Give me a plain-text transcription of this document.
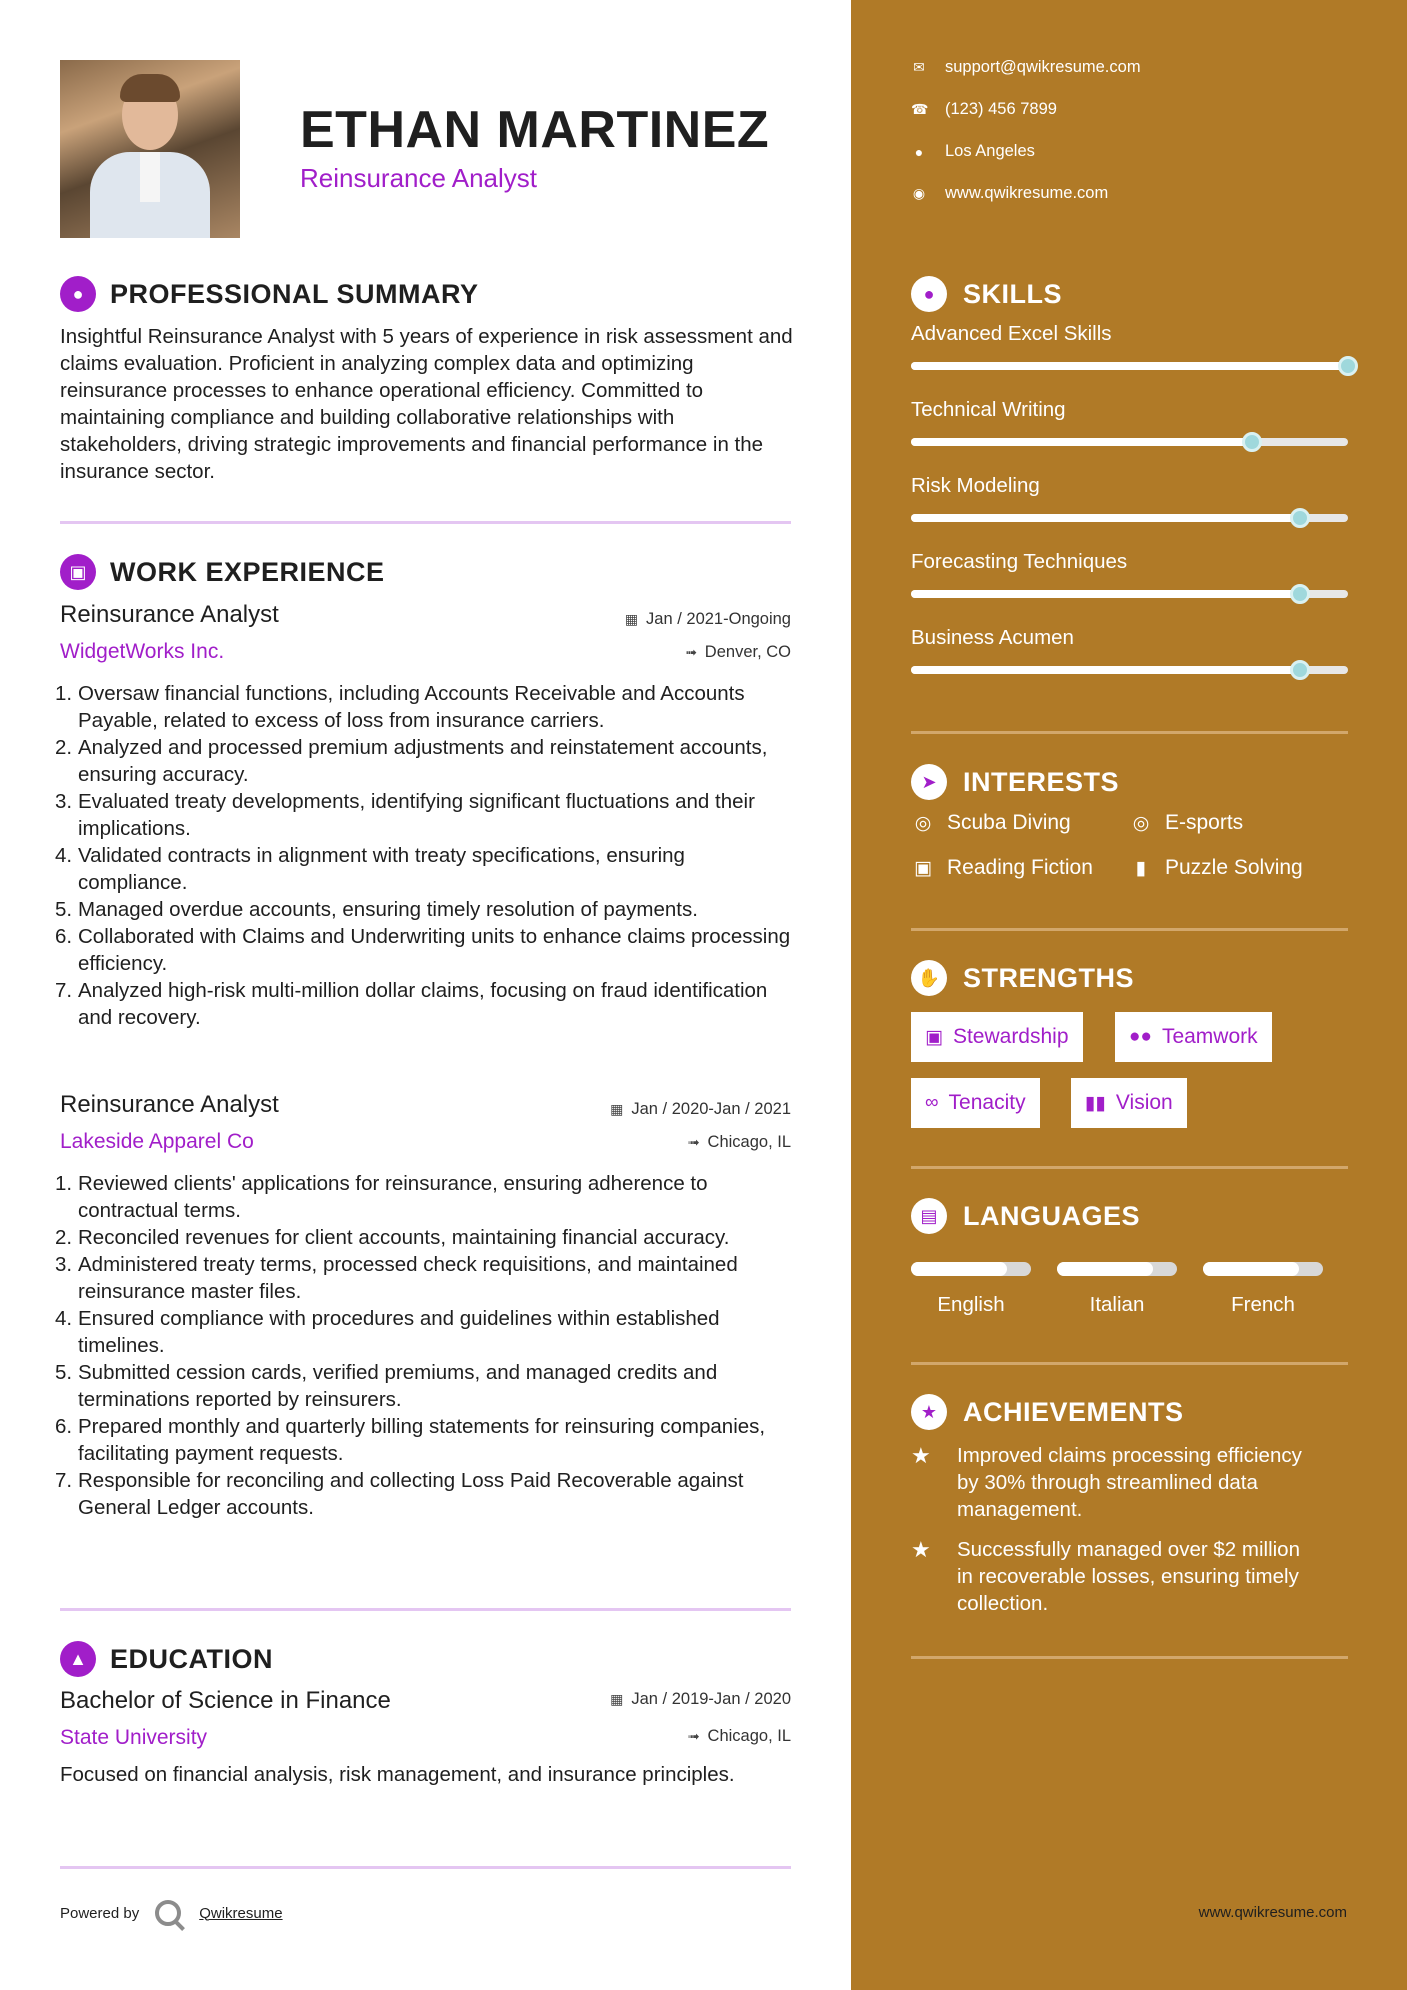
ETHAN MARTINEZ
Reinsurance Analyst
● PROFESSIONAL SUMMARY
Insightful Reinsurance Analyst with 5 years of experience in risk assessment and claims evaluation. Proficient in analyzing complex data and optimizing reinsurance processes to enhance operational efficiency. Committed to maintaining compliance and building collaborative relationships with stakeholders, driving strategic improvements and financial performance in the insurance sector.
▣ WORK EXPERIENCE
Reinsurance Analyst	▦ Jan / 2021-Ongoing
WidgetWorks Inc.	➟ Denver, CO
1. Oversaw financial functions, including Accounts Receivable and Accounts Payable, related to excess of loss from insurance carriers.
2. Analyzed and processed premium adjustments and reinstatement accounts, ensuring accuracy.
3. Evaluated treaty developments, identifying significant fluctuations and their implications.
4. Validated contracts in alignment with treaty specifications, ensuring compliance.
5. Managed overdue accounts, ensuring timely resolution of payments.
6. Collaborated with Claims and Underwriting units to enhance claims processing efficiency.
7. Analyzed high-risk multi-million dollar claims, focusing on fraud identification and recovery.
Reinsurance Analyst	▦ Jan / 2020-Jan / 2021
Lakeside Apparel Co	➟ Chicago, IL
1. Reviewed clients' applications for reinsurance, ensuring adherence to contractual terms.
2. Reconciled revenues for client accounts, maintaining financial accuracy.
3. Administered treaty terms, processed check requisitions, and maintained reinsurance master files.
4. Ensured compliance with procedures and guidelines within established timelines.
5. Submitted cession cards, verified premiums, and managed credits and terminations reported by reinsurers.
6. Prepared monthly and quarterly billing statements for reinsuring companies, facilitating payment requests.
7. Responsible for reconciling and collecting Loss Paid Recoverable against General Ledger accounts.
▲ EDUCATION
Bachelor of Science in Finance	▦ Jan / 2019-Jan / 2020
State University	➟ Chicago, IL
Focused on financial analysis, risk management, and insurance principles.
Powered by	Qwikresume
✉ support@qwikresume.com
☎ (123) 456 7899
● Los Angeles
◉ www.qwikresume.com
●	SKILLS
Advanced Excel Skills
Technical Writing
Risk Modeling
Forecasting Techniques
Business Acumen
➤ INTERESTS
◎ Scuba Diving	◎ E-sports
▣ Reading Fiction	▮ Puzzle Solving
✋ STRENGTHS
▣ Stewardship	●● Teamwork
∞ Tenacity	▮▮ Vision
▤ LANGUAGES
English	Italian	French
★ ACHIEVEMENTS
★	Improved claims processing efficiency by 30% through streamlined data management.
★	Successfully managed over $2 million in recoverable losses, ensuring timely collection.
www.qwikresume.com
